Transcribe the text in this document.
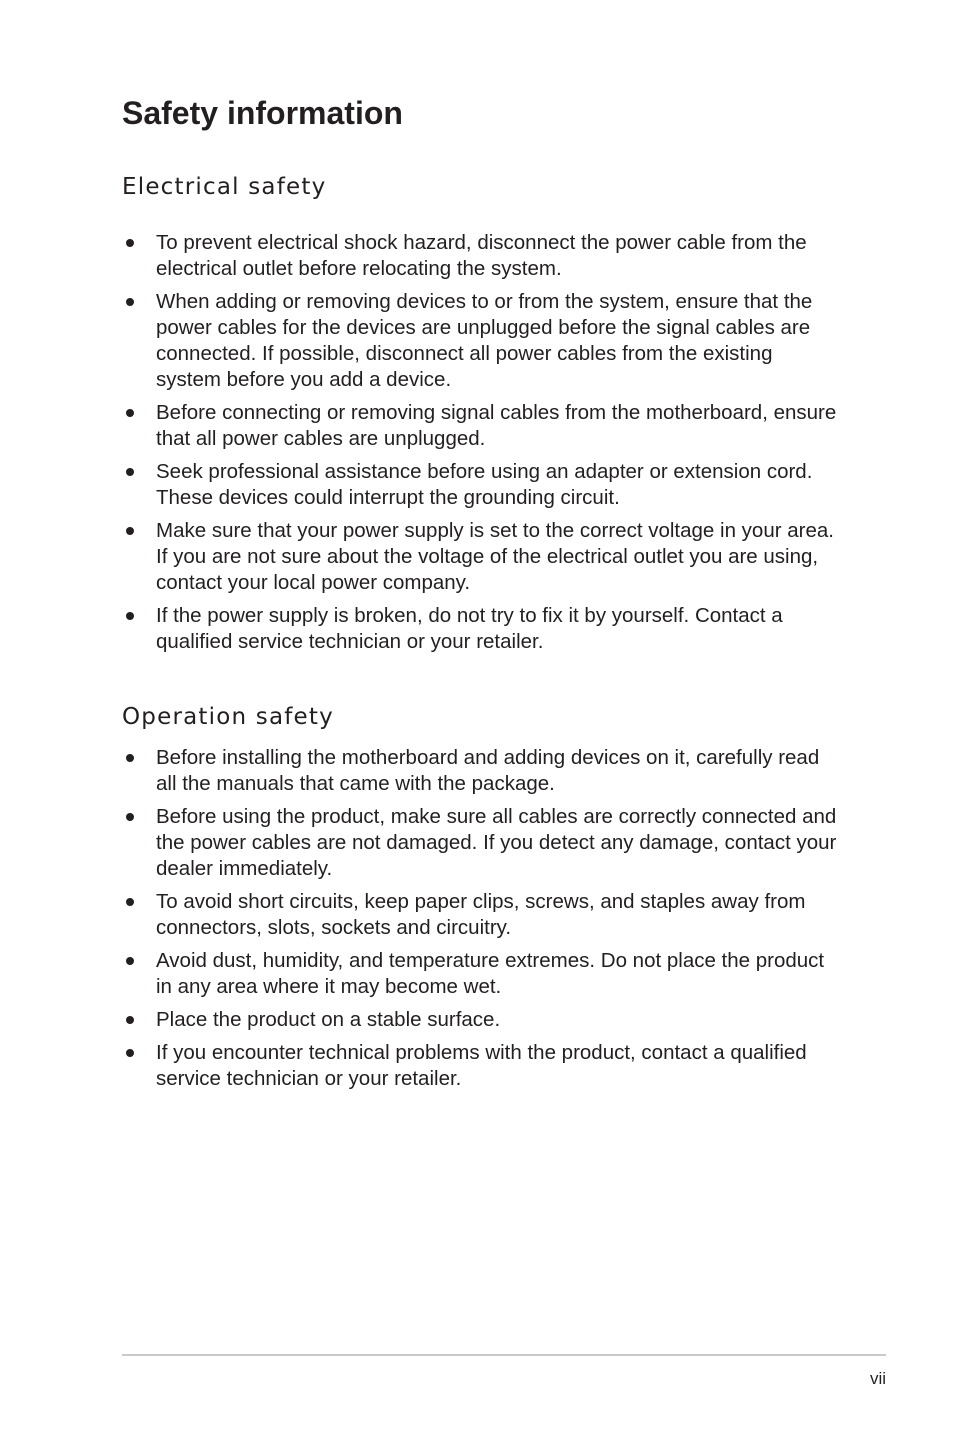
Safety information
Electrical safety
To prevent electrical shock hazard, disconnect the power cable from the electrical outlet before relocating the system.
When adding or removing devices to or from the system, ensure that the power cables for the devices are unplugged before the signal cables are connected. If possible, disconnect all power cables from the existing system before you add a device.
Before connecting or removing signal cables from the motherboard, ensure that all power cables are unplugged.
Seek professional assistance before using an adapter or extension cord. These devices could interrupt the grounding circuit.
Make sure that your power supply is set to the correct voltage in your area. If you are not sure about the voltage of the electrical outlet you are using, contact your local power company.
If the power supply is broken, do not try to fix it by yourself. Contact a qualified service technician or your retailer.
Operation safety
Before installing the motherboard and adding devices on it, carefully read all the manuals that came with the package.
Before using the product, make sure all cables are correctly connected and the power cables are not damaged. If you detect any damage, contact your dealer immediately.
To avoid short circuits, keep paper clips, screws, and staples away from connectors, slots, sockets and circuitry.
Avoid dust, humidity, and temperature extremes. Do not place the product in any area where it may become wet.
Place the product on a stable surface.
If you encounter technical problems with the product, contact a qualified service technician or your retailer.
vii
